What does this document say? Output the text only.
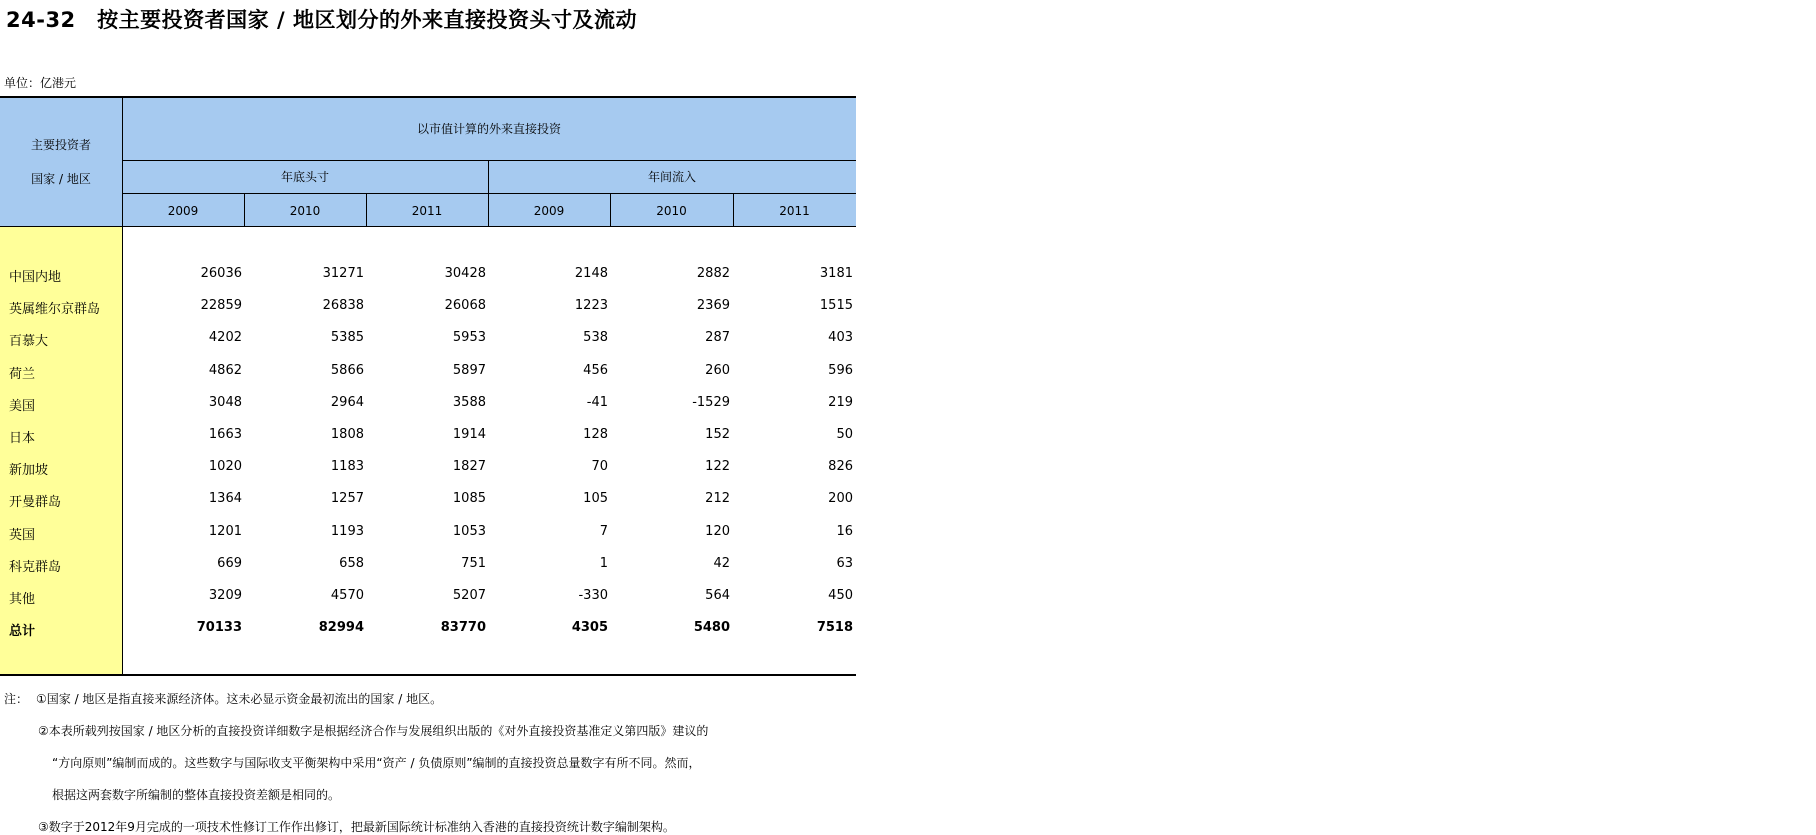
24-32　按主要投资者国家 / 地区划分的外来直接投资头寸及流动
单位：亿港元
主要投资者
国家 / 地区
以市值计算的外来直接投资
年底头寸	年间流入
2009	2010	2011	2009	2010	2011
中国内地	26036	31271	30428	2148	2882	3181
英属维尔京群岛	22859	26838	26068	1223	2369	1515
百慕大	4202	5385	5953	538	287	403
荷兰	4862	5866	5897	456	260	596
美国	3048	2964	3588	-41	-1529	219
日本	1663	1808	1914	128	152	50
新加坡	1020	1183	1827	70	122	826
开曼群岛	1364	1257	1085	105	212	200
英国	1201	1193	1053	7	120	16
科克群岛	669	658	751	1	42	63
其他	3209	4570	5207	-330	564	450
总计	70133	82994	83770	4305	5480	7518
注： ①国家 / 地区是指直接来源经济体。这未必显示资金最初流出的国家 / 地区。
②本表所载列按国家 / 地区分析的直接投资详细数字是根据经济合作与发展组织出版的《对外直接投资基准定义第四版》建议的
“方向原则”编制而成的。这些数字与国际收支平衡架构中采用“资产 / 负债原则”编制的直接投资总量数字有所不同。然而，
根据这两套数字所编制的整体直接投资差额是相同的。
③数字于2012年9月完成的一项技术性修订工作作出修订，把最新国际统计标准纳入香港的直接投资统计数字编制架构。
